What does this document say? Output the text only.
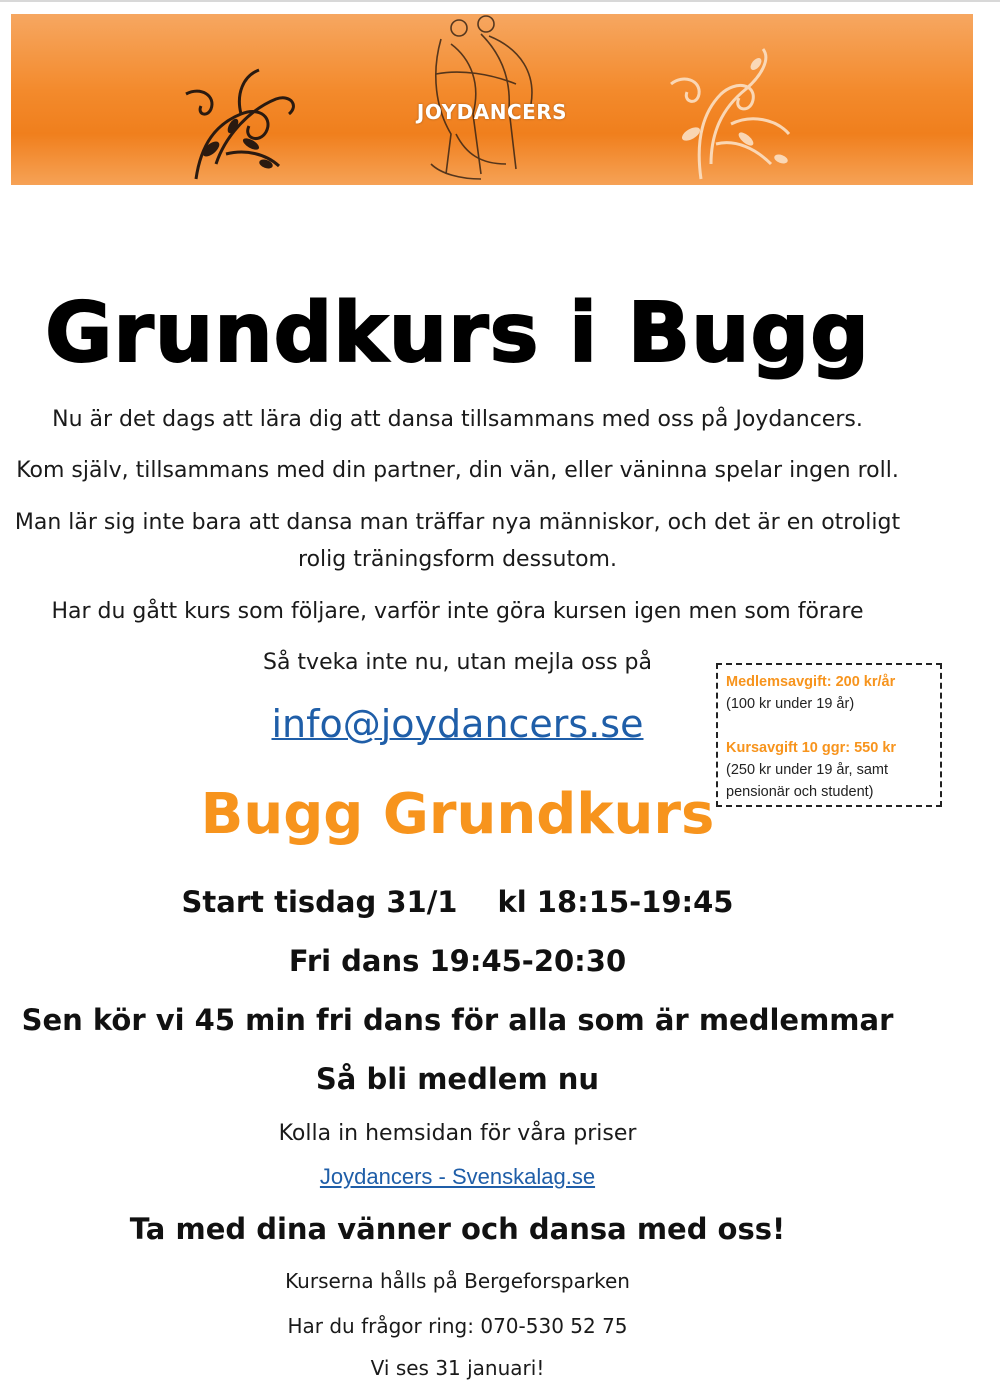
JOYDANCERS
Grundkurs i Bugg
Nu är det dags att lära dig att dansa tillsammans med oss på Joydancers.
Kom själv, tillsammans med din partner, din vän, eller väninna spelar ingen roll.
Man lär sig inte bara att dansa man träffar nya människor, och det är en otroligt
rolig träningsform dessutom.
Har du gått kurs som följare, varför inte göra kursen igen men som förare
Så tveka inte nu, utan mejla oss på
info@joydancers.se
Medlemsavgift: 200 kr/år
(100 kr under 19 år)
Kursavgift 10 ggr: 550 kr
(250 kr under 19 år, samt
pensionär och student)
Bugg Grundkurs
Start tisdag 31/1 kl 18:15-19:45
Fri dans 19:45-20:30
Sen kör vi 45 min fri dans för alla som är medlemmar
Så bli medlem nu
Kolla in hemsidan för våra priser
Joydancers - Svenskalag.se
Ta med dina vänner och dansa med oss!
Kurserna hålls på Bergeforsparken
Har du frågor ring: 070-530 52 75
Vi ses 31 januari!
